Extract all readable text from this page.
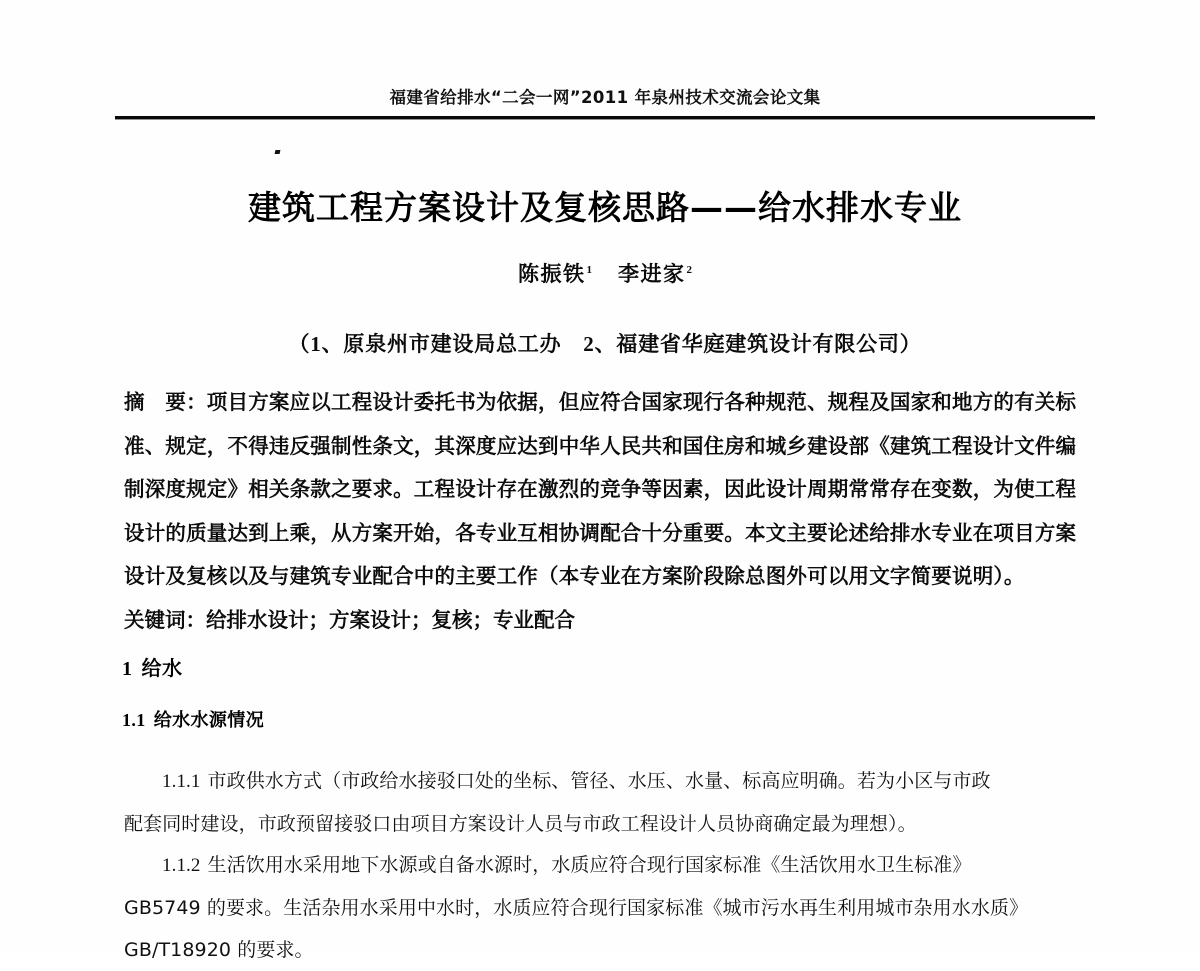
福建省给排水“二会一网”2011 年泉州技术交流会论文集
建筑工程方案设计及复核思路——给水排水专业
陈振铁$^1$ 李进家$^2$
（1、原泉州市建设局总工办　2、福建省华庭建筑设计有限公司）

摘　要：项目方案应以工程设计委托书为依据，但应符合国家现行各种规范、规程及国家和地方的有关标

准、规定，不得违反强制性条文，其深度应达到中华人民共和国住房和城乡建设部《建筑工程设计文件编

制深度规定》相关条款之要求。工程设计存在激烈的竞争等因素，因此设计周期常常存在变数，为使工程

设计的质量达到上乘，从方案开始，各专业互相协调配合十分重要。本文主要论述给排水专业在项目方案

设计及复核以及与建筑专业配合中的主要工作（本专业在方案阶段除总图外可以用文字简要说明）。

关键词：给排水设计；方案设计；复核；专业配合
1 给水
1.1 给水水源情况

1.1.1 市政供水方式（市政给水接驳口处的坐标、管径、水压、水量、标高应明确。若为小区与市政

配套同时建设，市政预留接驳口由项目方案设计人员与市政工程设计人员协商确定最为理想）。

1.1.2 生活饮用水采用地下水源或自备水源时，水质应符合现行国家标准《生活饮用水卫生标准》

GB5749 的要求。生活杂用水采用中水时，水质应符合现行国家标准《城市污水再生利用城市杂用水水质》

GB/T18920 的要求。
